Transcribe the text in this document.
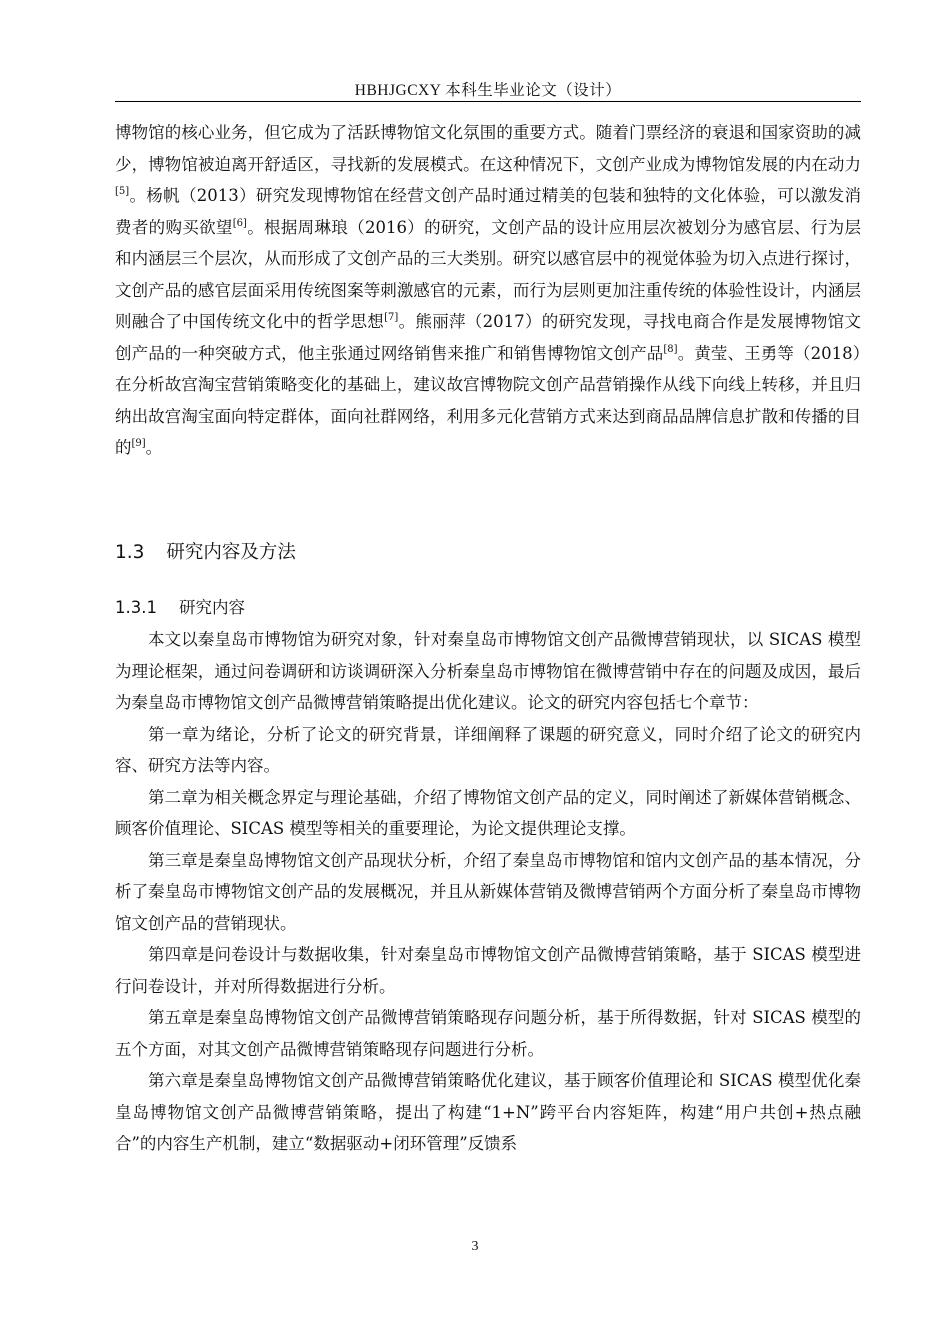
HBHJGCXY 本科生毕业论文（设计）

博物馆的核心业务，但它成为了活跃博物馆文化氛围的重要方式。随着门票经济的衰退和国家资助的减少，博物馆被迫离开舒适区，寻找新的发展模式。在这种情况下，文创产业成为博物馆发展的内在动力[5]。杨帆（2013）研究发现博物馆在经营文创产品时通过精美的包装和独特的文化体验，可以激发消费者的购买欲望[6]。根据周琳琅（2016）的研究，文创产品的设计应用层次被划分为感官层、行为层和内涵层三个层次，从而形成了文创产品的三大类别。研究以感官层中的视觉体验为切入点进行探讨，文创产品的感官层面采用传统图案等刺激感官的元素，而行为层则更加注重传统的体验性设计，内涵层则融合了中国传统文化中的哲学思想[7]。熊丽萍（2017）的研究发现，寻找电商合作是发展博物馆文创产品的一种突破方式，他主张通过网络销售来推广和销售博物馆文创产品[8]。黄莹、王勇等（2018）在分析故宫淘宝营销策略变化的基础上，建议故宫博物院文创产品营销操作从线下向线上转移，并且归纳出故宫淘宝面向特定群体，面向社群网络，利用多元化营销方式来达到商品品牌信息扩散和传播的目的[9]。

1.3 研究内容及方法
1.3.1 研究内容

本文以秦皇岛市博物馆为研究对象，针对秦皇岛市博物馆文创产品微博营销现状，以 SICAS 模型为理论框架，通过问卷调研和访谈调研深入分析秦皇岛市博物馆在微博营销中存在的问题及成因，最后为秦皇岛市博物馆文创产品微博营销策略提出优化建议。论文的研究内容包括七个章节：

第一章为绪论，分析了论文的研究背景，详细阐释了课题的研究意义，同时介绍了论文的研究内容、研究方法等内容。

第二章为相关概念界定与理论基础，介绍了博物馆文创产品的定义，同时阐述了新媒体营销概念、顾客价值理论、SICAS 模型等相关的重要理论，为论文提供理论支撑。

第三章是秦皇岛博物馆文创产品现状分析，介绍了秦皇岛市博物馆和馆内文创产品的基本情况，分析了秦皇岛市博物馆文创产品的发展概况，并且从新媒体营销及微博营销两个方面分析了秦皇岛市博物馆文创产品的营销现状。

第四章是问卷设计与数据收集，针对秦皇岛市博物馆文创产品微博营销策略，基于 SICAS 模型进行问卷设计，并对所得数据进行分析。

第五章是秦皇岛博物馆文创产品微博营销策略现存问题分析，基于所得数据，针对 SICAS 模型的五个方面，对其文创产品微博营销策略现存问题进行分析。

第六章是秦皇岛博物馆文创产品微博营销策略优化建议，基于顾客价值理论和 SICAS 模型优化秦皇岛博物馆文创产品微博营销策略，提出了构建“1+N”跨平台内容矩阵，构建“用户共创+热点融合”的内容生产机制，建立“数据驱动+闭环管理”反馈系

3
